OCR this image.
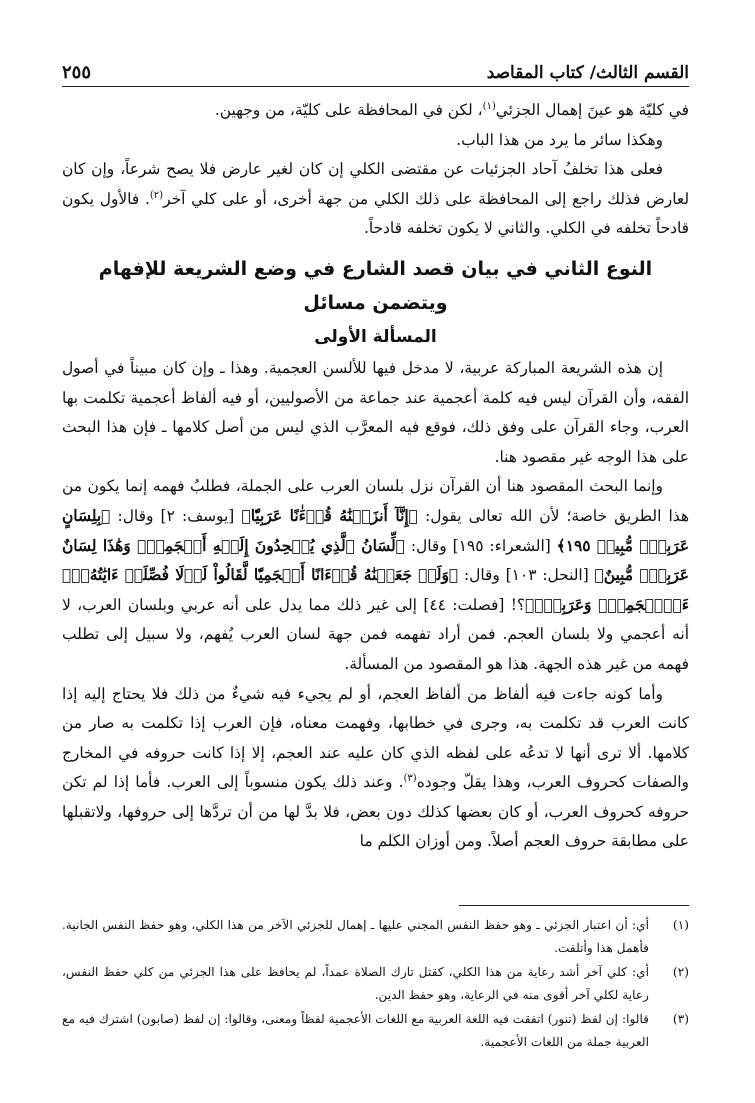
القسم الثالث/ كتاب المقاصد
٢٥٥

في كليّة هو عينَ إهمال الجزئي$^{(١)}$، لكن في المحافظة على كليّة، من وجهين.

وهكذا سائر ما يرد من هذا الباب.

فعلى هذا تخلفُ آحاد الجزئيات عن مقتضى الكلي إن كان لغير عارض فلا يصح شرعاً، وإن كان لعارض فذلك راجع إلى المحافظة على ذلك الكلي من جهة أخرى، أو على كلي آخر$^{(٢)}$. فالأول يكون قادحاً تخلفه في الكلي. والثاني لا يكون تخلفه قادحاً.

النوع الثاني في بيان قصد الشارع في وضع الشريعة للإفهام
ويتضمن مسائل
المسألة الأولى

إن هذه الشريعة المباركة عربية، لا مدخل فيها للألسن العجمية. وهذا ـ وإن كان مبيناً في أصول الفقه، وأن القرآن ليس فيه كلمة أعجمية عند جماعة من الأصوليين، أو فيه ألفاظ أعجمية تكلمت بها العرب، وجاء القرآن على وفق ذلك، فوقع فيه المعرَّب الذي ليس من أصل كلامها ـ فإن هذا البحث على هذا الوجه غير مقصود هنا.

وإنما البحث المقصود هنا أن القرآن نزل بلسان العرب على الجملة، فطلبُ فهمه إنما يكون من هذا الطريق خاصة؛ لأن الله تعالى يقول: ﴿إِنَّآ أَنزَلۡنَٰهُ قُرۡءَٰنًا عَرَبِيّٗا﴾ [يوسف: ٢] وقال: ﴿بِلِسَانٍ عَرَبِيّٖ مُّبِينٖ ١٩٥﴾ [الشعراء: ١٩٥] وقال: ﴿لِّسَانُ ٱلَّذِي يُلۡحِدُونَ إِلَيۡهِ أَعۡجَمِيّٞ وَهَٰذَا لِسَانٌ عَرَبِيّٞ مُّبِينٌ﴾ [النحل: ١٠٣] وقال: ﴿وَلَوۡ جَعَلۡنَٰهُ قُرۡءَانًا أَعۡجَمِيّٗا لَّقَالُواْ لَوۡلَا فُصِّلَتۡ ءَايَٰتُهُۥٓۖ ءَا۬عۡجَمِيّٞ وَعَرَبِيّٞ﴾؟! [فصلت: ٤٤] إلى غير ذلك مما يدل على أنه عربي وبلسان العرب، لا أنه أعجمي ولا بلسان العجم. فمن أراد تفهمه فمن جهة لسان العرب يُفهم، ولا سبيل إلى تطلب فهمه من غير هذه الجهة. هذا هو المقصود من المسألة.

وأما كونه جاءت فيه ألفاظ من ألفاظ العجم، أو لم يجيء فيه شيءٌ من ذلك فلا يحتاج إليه إذا كانت العرب قد تكلمت به، وجرى في خطابها، وفهمت معناه، فإن العرب إذا تكلمت به صار من كلامها. ألا ترى أنها لا تدعُه على لفظه الذي كان عليه عند العجم، إلا إذا كانت حروفه في المخارج والصفات كحروف العرب، وهذا يقلّ وجوده$^{(٣)}$. وعند ذلك يكون منسوباً إلى العرب. فأما إذا لم تكن حروفه كحروف العرب، أو كان بعضها كذلك دون بعض، فلا بدَّ لها من أن تردَّها إلى حروفها، ولاتقبلها على مطابقة حروف العجم أصلاً. ومن أوزان الكلم ما

(١)
أي: أن اعتبار الجزئي ـ وهو حفظ النفس المجني عليها ـ إهمال للجزئي الآخر من هذا الكلي، وهو حفظ النفس الجانية. فأهمل هذا وأتلفت.
(٢)
أي: كلي آخر أشد رعاية من هذا الكلي، كقتل تارك الصلاة عمداً، لم يحافظ على هذا الجزئي من كلي حفظ النفس، رعاية لكلي آخر أقوى منه في الرعاية، وهو حفظ الدين.
(٣)
قالوا: إن لفظ (تنور) اتفقت فيه اللغة العربية مع اللغات الأعجمية لفظاً ومعنى، وقالوا: إن لفظ (صابون) اشترك فيه مع العربية جملة من اللغات الأعجمية.
